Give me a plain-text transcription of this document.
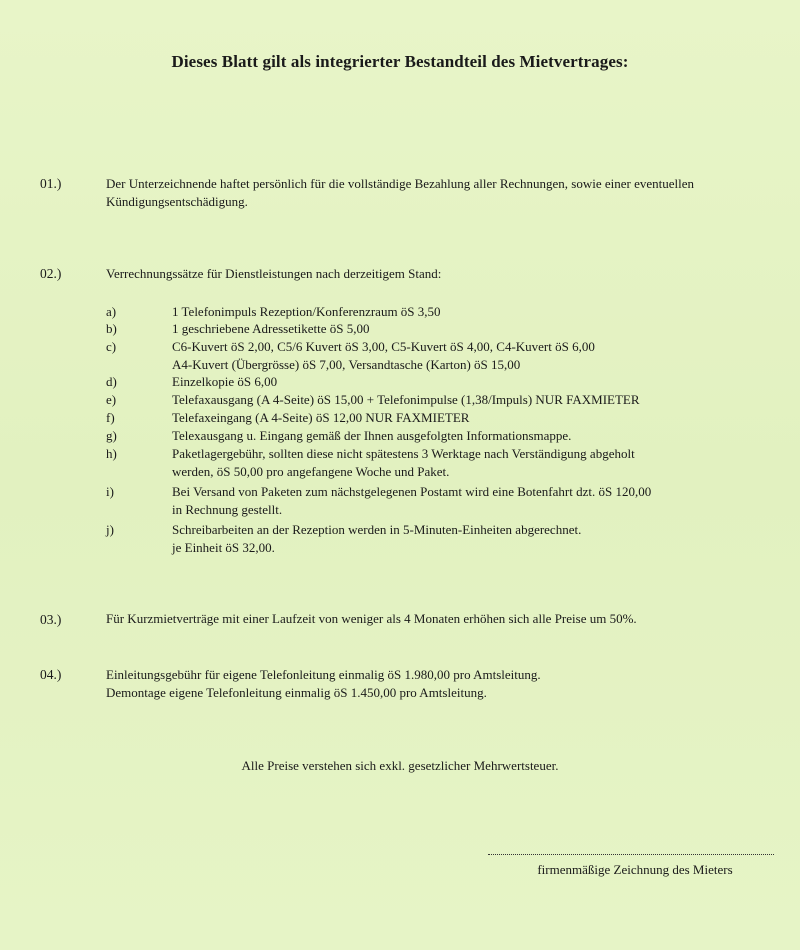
Dieses Blatt gilt als integrierter Bestandteil des Mietvertrages:
01.)	Der Unterzeichnende haftet persönlich für die vollständige Bezahlung aller Rechnungen, sowie einer eventuellen Kündigungsentschädigung.
02.)	Verrechnungssätze für Dienstleistungen nach derzeitigem Stand:
a)	1 Telefonimpuls Rezeption/Konferenzraum öS 3,50
b)	1 geschriebene Adressetikette öS 5,00
c)	C6-Kuvert öS 2,00, C5/6 Kuvert öS 3,00, C5-Kuvert öS 4,00, C4-Kuvert öS 6,00
A4-Kuvert (Übergrösse) öS 7,00, Versandtasche (Karton) öS 15,00
d)	Einzelkopie öS 6,00
e)	Telefaxausgang (A 4-Seite) öS 15,00 + Telefonimpulse (1,38/Impuls) NUR FAXMIETER
f)	Telefaxeingang (A 4-Seite) öS 12,00 NUR FAXMIETER
g)	Telexausgang u. Eingang gemäß der Ihnen ausgefolgten Informationsmappe.
h)	Paketlagergebühr, sollten diese nicht spätestens 3 Werktage nach Verständigung abgeholt
werden, öS 50,00 pro angefangene Woche und Paket.
i)	Bei Versand von Paketen zum nächstgelegenen Postamt wird eine Botenfahrt dzt. öS 120,00
in Rechnung gestellt.
j)	Schreibarbeiten an der Rezeption werden in 5-Minuten-Einheiten abgerechnet.
je Einheit öS 32,00.
03.)	Für Kurzmietverträge mit einer Laufzeit von weniger als 4 Monaten erhöhen sich alle Preise um 50%.
04.)	Einleitungsgebühr für eigene Telefonleitung einmalig öS 1.980,00 pro Amtsleitung.
Demontage eigene Telefonleitung einmalig öS 1.450,00 pro Amtsleitung.
Alle Preise verstehen sich exkl. gesetzlicher Mehrwertsteuer.
firmenmäßige Zeichnung des Mieters
